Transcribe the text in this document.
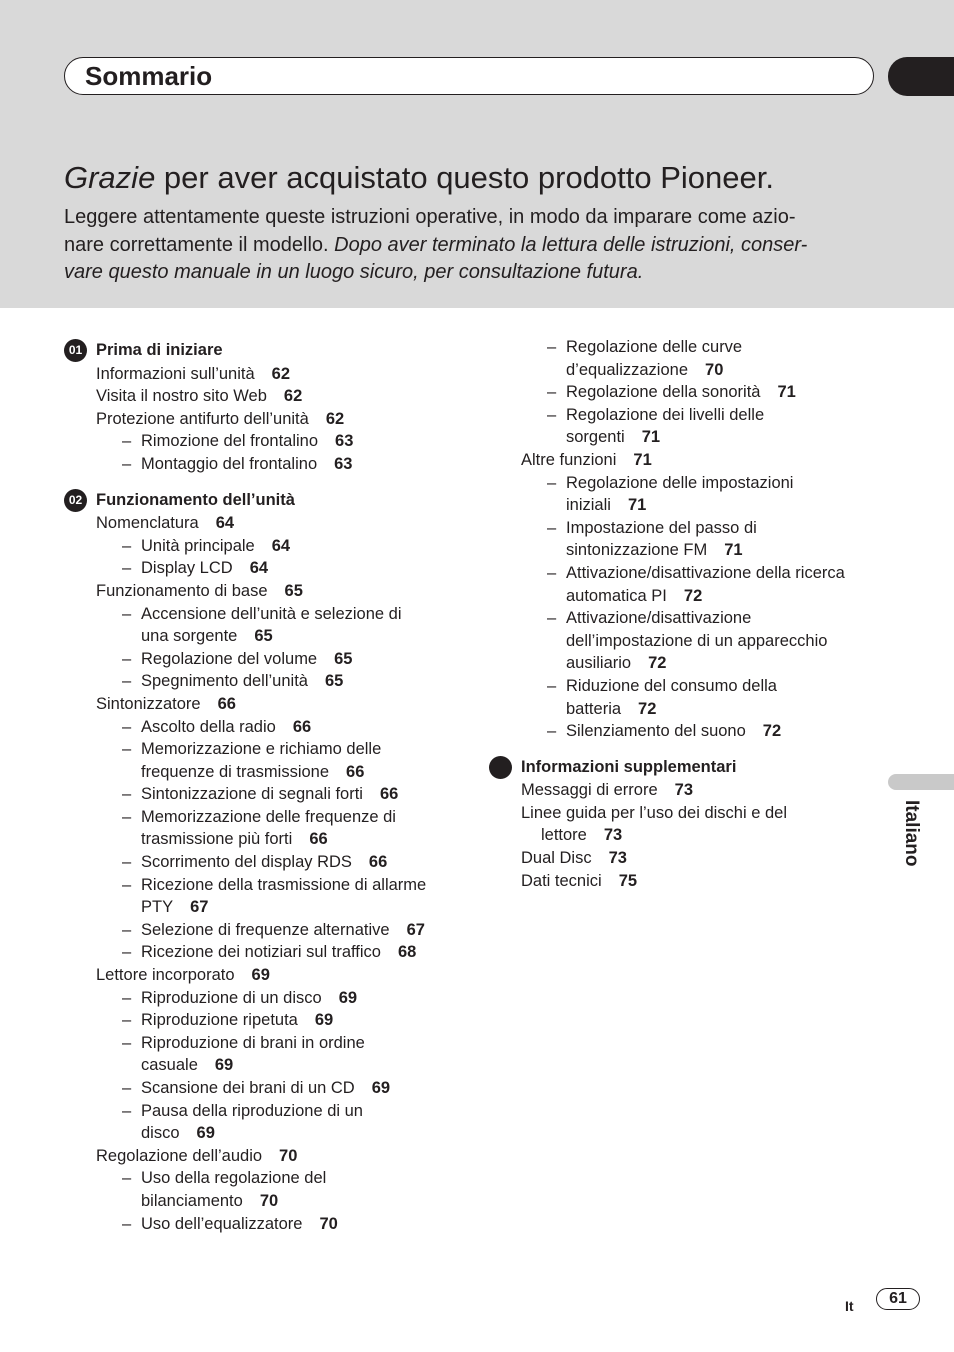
Sommario
Grazie per aver acquistato questo prodotto Pioneer.
Leggere attentamente queste istruzioni operative, in modo da imparare come azio-
nare correttamente il modello. Dopo aver terminato la lettura delle istruzioni, conser-
vare questo manuale in un luogo sicuro, per consultazione futura.
01 Prima di iniziare
Informazioni sull’unità 62
Visita il nostro sito Web 62
Protezione antifurto dell’unità 62
– Rimozione del frontalino 63
– Montaggio del frontalino 63
02 Funzionamento dell’unità
Nomenclatura 64
– Unità principale 64
– Display LCD 64
Funzionamento di base 65
– Accensione dell’unità e selezione di
una sorgente 65
– Regolazione del volume 65
– Spegnimento dell’unità 65
Sintonizzatore 66
– Ascolto della radio 66
– Memorizzazione e richiamo delle
frequenze di trasmissione 66
– Sintonizzazione di segnali forti 66
– Memorizzazione delle frequenze di
trasmissione più forti 66
– Scorrimento del display RDS 66
– Ricezione della trasmissione di allarme
PTY 67
– Selezione di frequenze alternative 67
– Ricezione dei notiziari sul traffico 68
Lettore incorporato 69
– Riproduzione di un disco 69
– Riproduzione ripetuta 69
– Riproduzione di brani in ordine
casuale 69
– Scansione dei brani di un CD 69
– Pausa della riproduzione di un
disco 69
Regolazione dell’audio 70
– Uso della regolazione del
bilanciamento 70
– Uso dell’equalizzatore 70
– Regolazione delle curve
d’equalizzazione 70
– Regolazione della sonorità 71
– Regolazione dei livelli delle
sorgenti 71
Altre funzioni 71
– Regolazione delle impostazioni
iniziali 71
– Impostazione del passo di
sintonizzazione FM 71
– Attivazione/disattivazione della ricerca
automatica PI 72
– Attivazione/disattivazione
dell’impostazione di un apparecchio
ausiliario 72
– Riduzione del consumo della
batteria 72
– Silenziamento del suono 72
Informazioni supplementari
Messaggi di errore 73
Linee guida per l’uso dei dischi e del
lettore 73
Dual Disc 73
Dati tecnici 75
Italiano
It	61
